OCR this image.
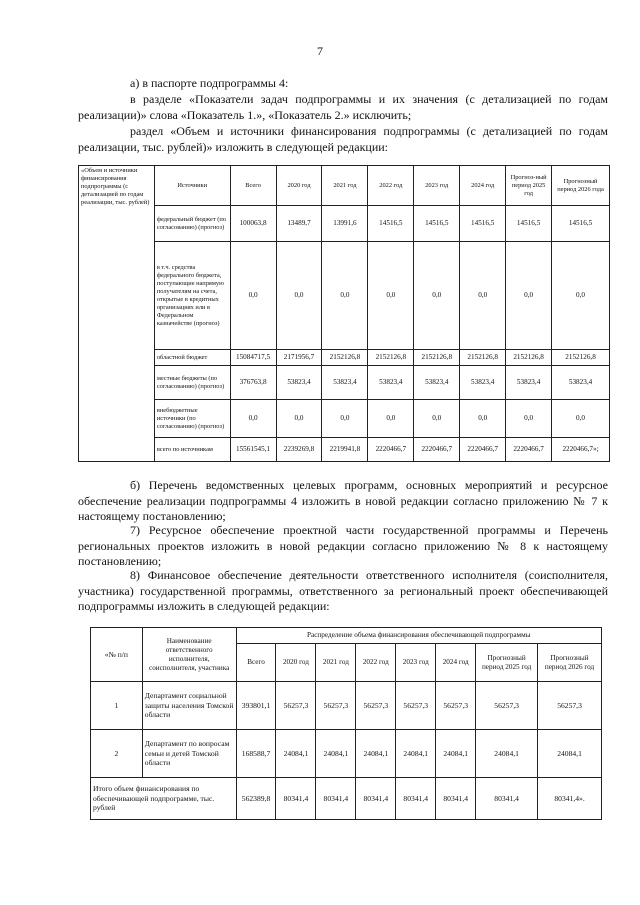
7
а) в паспорте подпрограммы 4:
в разделе «Показатели задач подпрограммы и их значения (с детализацией по годам реализации)» слова «Показатель 1.», «Показатель 2.» исключить;
раздел «Объем и источники финансирования подпрограммы (с детализацией по годам реализации, тыс. рублей)» изложить в следующей редакции:
«Объем и источники финансирования подпрограммы (с детализацией по годам реализации, тыс. рублей)	Источники	Всего	2020 год	2021 год	2022 год	2023 год	2024 год	Прогноз-ный период 2025 год	Прогнозный период 2026 года
	федеральный бюджет (по согласованию) (прогноз)	100063,8	13489,7	13991,6	14516,5	14516,5	14516,5	14516,5	14516,5
	в т.ч. средства федерального бюджета, поступающие напрямую получателям на счета, открытые в кредитных организациях или в Федеральном казначействе (прогноз)	0,0	0,0	0,0	0,0	0,0	0,0	0,0	0,0
	областной бюджет	15084717,5	2171956,7	2152126,8	2152126,8	2152126,8	2152126,8	2152126,8	2152126,8
	местные бюджеты (по согласованию) (прогноз)	376763,8	53823,4	53823,4	53823,4	53823,4	53823,4	53823,4	53823,4
	внебюджетные источники (по согласованию) (прогноз)	0,0	0,0	0,0	0,0	0,0	0,0	0,0	0,0
	всего по источникам	15561545,1	2239269,8	2219941,8	2220466,7	2220466,7	2220466,7	2220466,7	2220466,7»;
б) Перечень ведомственных целевых программ, основных мероприятий и ресурсное обеспечение реализации подпрограммы 4 изложить в новой редакции согласно приложению № 7 к настоящему постановлению;
7) Ресурсное обеспечение проектной части государственной программы и Перечень региональных проектов изложить в новой редакции согласно приложению № 8 к настоящему постановлению;
8) Финансовое обеспечение деятельности ответственного исполнителя (соисполнителя, участника) государственной программы, ответственного за региональный проект обеспечивающей подпрограммы изложить в следующей редакции:
«№ п/п	Наименование ответственного исполнителя, соисполнителя, участника	Распределение объема финансирования обеспечивающей подпрограммы							
		Всего	2020 год	2021 год	2022 год	2023 год	2024 год	Прогнозный период 2025 год	Прогнозный период 2026 год
1	Департамент социальной защиты населения Томской области	393801,1	56257,3	56257,3	56257,3	56257,3	56257,3	56257,3	56257,3
2	Департамент по вопросам семьи и детей Томской области	168588,7	24084,1	24084,1	24084,1	24084,1	24084,1	24084,1	24084,1
Итого объем финансирования по обеспечивающей подпрограмме, тыс. рублей		562389,8	80341,4	80341,4	80341,4	80341,4	80341,4	80341,4	80341,4».
